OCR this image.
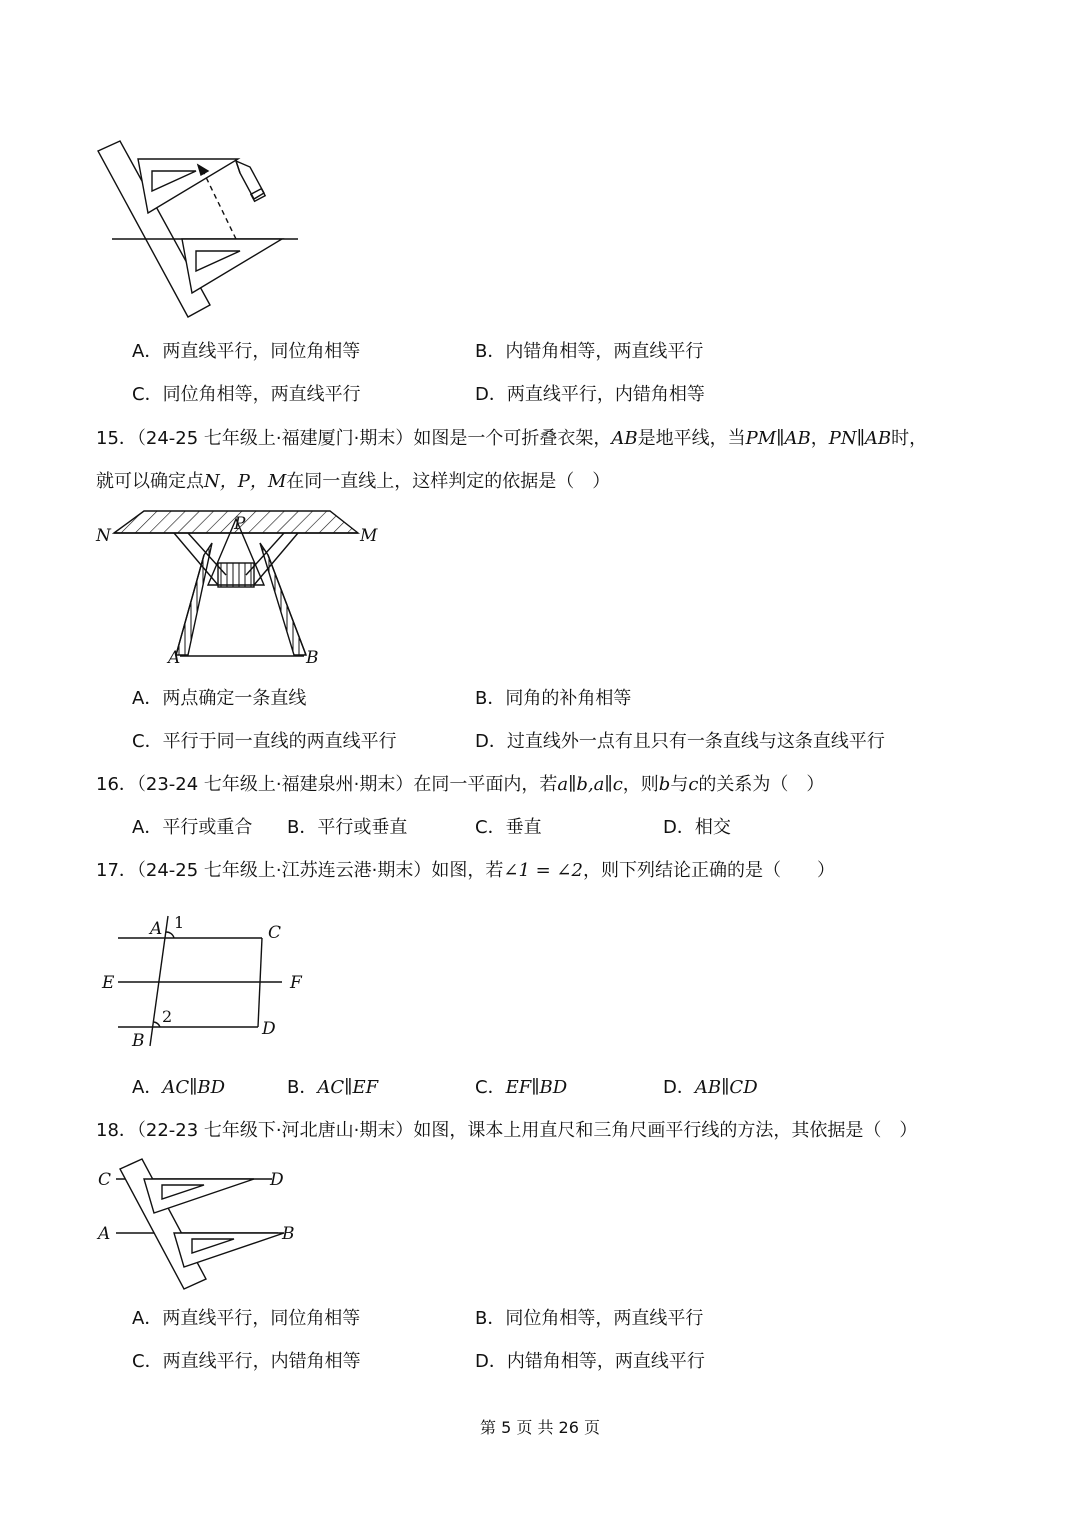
A．两直线平行，同位角相等	B．内错角相等，两直线平行
C．同位角相等，两直线平行	D．两直线平行，内错角相等
15．（24-25 七年级上·福建厦门·期末）如图是一个可折叠衣架，AB是地平线，当PM∥AB，PN∥AB时，
就可以确定点N，P，M在同一直线上，这样判定的依据是（　）
N
P
M
A	B
A．两点确定一条直线	B．同角的补角相等
C．平行于同一直线的两直线平行	D．过直线外一点有且只有一条直线与这条直线平行
16．（23-24 七年级上·福建泉州·期末）在同一平面内，若a∥b,a∥c，则b与c的关系为（　）
A．平行或重合 B．平行或垂直	C．垂直	D．相交
17．（24-25 七年级上·江苏连云港·期末）如图，若∠1 = ∠2，则下列结论正确的是（　　）
A 1
C
E	F
2
D
B
A．AC∥BD	B．AC∥EF	C．EF∥BD	D．AB∥CD
18．（22-23 七年级下·河北唐山·期末）如图，课本上用直尺和三角尺画平行线的方法，其依据是（　）
C	D
A	B
A．两直线平行，同位角相等	B．同位角相等，两直线平行
C．两直线平行，内错角相等	D．内错角相等，两直线平行
第 5 页 共 26 页
